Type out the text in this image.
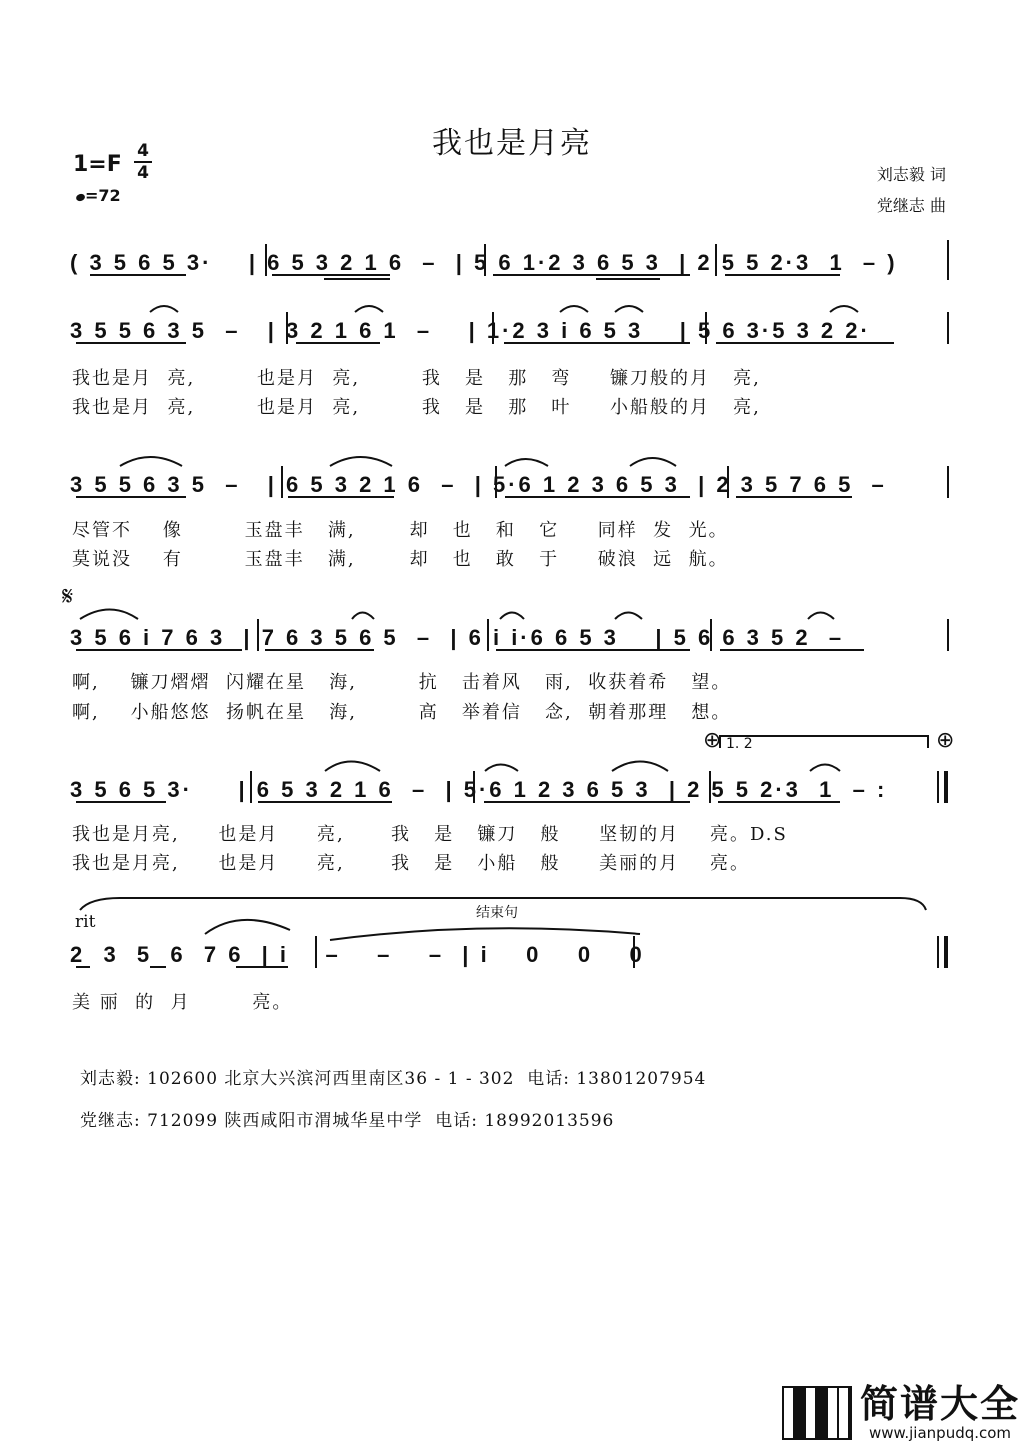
我也是月亮
1=F
4
4
=72
刘志毅 词
党继志 曲
( 3 5 6 5 3·    | 6 5 3 2 1 6  –  | 5 6 1·2 3 6 5 3  | 2 5 5 2·3  1  – )
3 5 5 6 3 5  –   | 3 2 1 6 1  –    | 1·2 3 i 6 5 3    | 5 6 3·5 3 2 2·
我也是月  亮,        也是月  亮,        我   是   那   弯     镰刀般的月   亮,
我也是月  亮,        也是月  亮,        我   是   那   叶     小船般的月   亮,
3 5 5 6 3 5  –   | 6 5 3 2 1 6  –  | 5·6 1 2 3 6 5 3  | 2 3 5 7 6 5  –
尽管不    像        玉盘丰   满,       却   也   和   它     同样  发  光。
莫说没    有        玉盘丰   满,       却   也   敢   于     破浪  远  航。
𝄋
3 5 6 i 7 6 3  | 7 6 3 5 6 5  –  | 6 i i·6 6 5 3    | 5 6 6 3 5 2  –
啊,    镰刀熠熠  闪耀在星   海,        抗   击着风   雨,  收获着希   望。
啊,    小船悠悠  扬帆在星   海,        高   举着信   念,  朝着那理   想。
⊕ 1. 2	⊕
3 5 6 5 3·     | 6 5 3 2 1 6  –  | 5·6 1 2 3 6 5 3  | 2 5 5 2·3  1  – :
我也是月亮,     也是月     亮,      我   是   镰刀   般     坚韧的月    亮。D.S
我也是月亮,     也是月     亮,      我   是   小船   般     美丽的月    亮。
rit	结束句
2  3  5  6  7 6  | i    –    –    –  | i    0    0    0
美 丽  的  月        亮。
刘志毅: 102600 北京大兴滨河西里南区36 - 1 - 302  电话: 13801207954
党继志: 712099 陕西咸阳市渭城华星中学  电话: 18992013596
简谱大全
www.jianpudq.com
